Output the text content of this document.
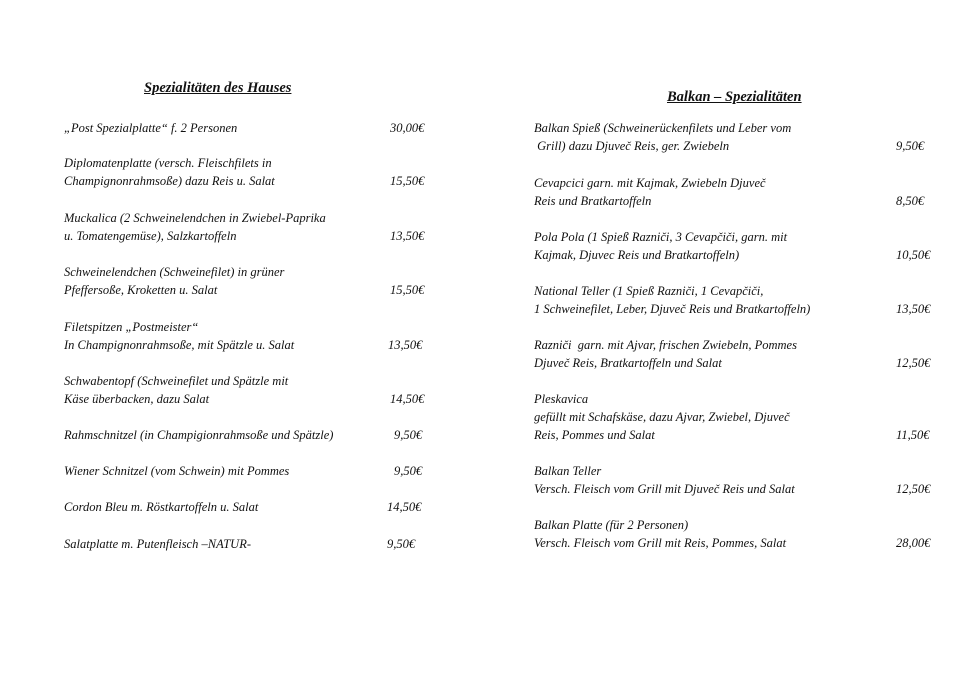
Spezialitäten des Hauses
„Post Spezialplatte“ f. 2 Personen	30,00€
Diplomatenplatte (versch. Fleischfilets in
Champignonrahmsoße) dazu Reis u. Salat	15,50€
Muckalica (2 Schweinelendchen in Zwiebel-Paprika
u. Tomatengemüse), Salzkartoffeln	13,50€
Schweinelendchen (Schweinefilet) in grüner
Pfeffersoße, Kroketten u. Salat	15,50€
Filetspitzen „Postmeister“
In Champignonrahmsoße, mit Spätzle u. Salat	13,50€
Schwabentopf (Schweinefilet und Spätzle mit
Käse überbacken, dazu Salat	14,50€
Rahmschnitzel (in Champigionrahmsoße und Spätzle)	9,50€
Wiener Schnitzel (vom Schwein) mit Pommes	9,50€
Cordon Bleu m. Röstkartoffeln u. Salat	14,50€
Salatplatte m. Putenfleisch –NATUR-	9,50€
Balkan – Spezialitäten
Balkan Spieß (Schweinerückenfilets und Leber vom
Grill) dazu Djuveč Reis, ger. Zwiebeln	9,50€
Cevapcici garn. mit Kajmak, Zwiebeln Djuveč
Reis und Bratkartoffeln	8,50€
Pola Pola (1 Spieß Razniči, 3 Cevapčiči, garn. mit
Kajmak, Djuvec Reis und Bratkartoffeln)	10,50€
National Teller (1 Spieß Razniči, 1 Cevapčiči,
1 Schweinefilet, Leber, Djuveč Reis und Bratkartoffeln)	13,50€
Razniči  garn. mit Ajvar, frischen Zwiebeln, Pommes
Djuveč Reis, Bratkartoffeln und Salat	12,50€
Pleskavica
gefüllt mit Schafskäse, dazu Ajvar, Zwiebel, Djuveč
Reis, Pommes und Salat	11,50€
Balkan Teller
Versch. Fleisch vom Grill mit Djuveč Reis und Salat	12,50€
Balkan Platte (für 2 Personen)
Versch. Fleisch vom Grill mit Reis, Pommes, Salat	28,00€
